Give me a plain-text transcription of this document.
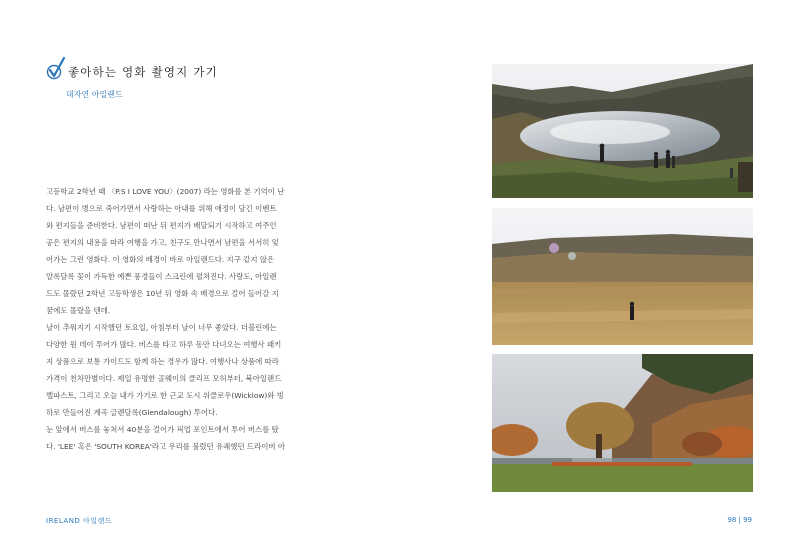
좋아하는 영화 촬영지 가기
대자연 아일랜드

고등학교 2학년 때 〈P.S I LOVE YOU〉(2007) 라는 영화를 본 기억이 난

다. 남편이 병으로 죽어가면서 사랑하는 아내를 위해 애정이 담긴 이벤트

와 편지들을 준비한다. 남편이 떠난 뒤 편지가 배달되기 시작하고 여주인

공은 편지의 내용을 따라 여행을 가고, 친구도 만나면서 남편을 서서히 잊

어가는 그런 영화다. 이 영화의 배경이 바로 아일랜드다. 지구 같지 않은

알록달록 꽃이 가득한 예쁜 풍경들이 스크린에 펼쳐진다. 사랑도, 아일랜

드도 몰랐던 2학년 고등학생은 10년 뒤 영화 속 배경으로 걸어 들어갈 지

꿈에도 몰랐을 텐데.

날이 추워지기 시작했던 토요일, 아침부터 날이 너무 좋았다. 더블린에는

다양한 원 데이 투어가 많다. 버스를 타고 하루 동안 다녀오는 여행사 패키

지 상품으로 보통 가이드도 함께 하는 경우가 많다. 여행사나 상품에 따라

가격이 천차만별이다. 제일 유명한 골웨이의 클리프 모허부터, 북아일랜드

벨파스트, 그리고 오늘 내가 가기로 한 근교 도시 위클로우(Wicklow)와 빙

하로 만들어진 계곡 글렌달록(Glendalough) 투어다.

눈 앞에서 버스를 놓쳐서 40분을 걸어가 픽업 포인트에서 투어 버스를 탔

다. 'LEE' 혹은 'SOUTH KOREA'라고 우리를 불렀던 유쾌했던 드라이버 아

IRELAND 아일랜드	98 | 99
